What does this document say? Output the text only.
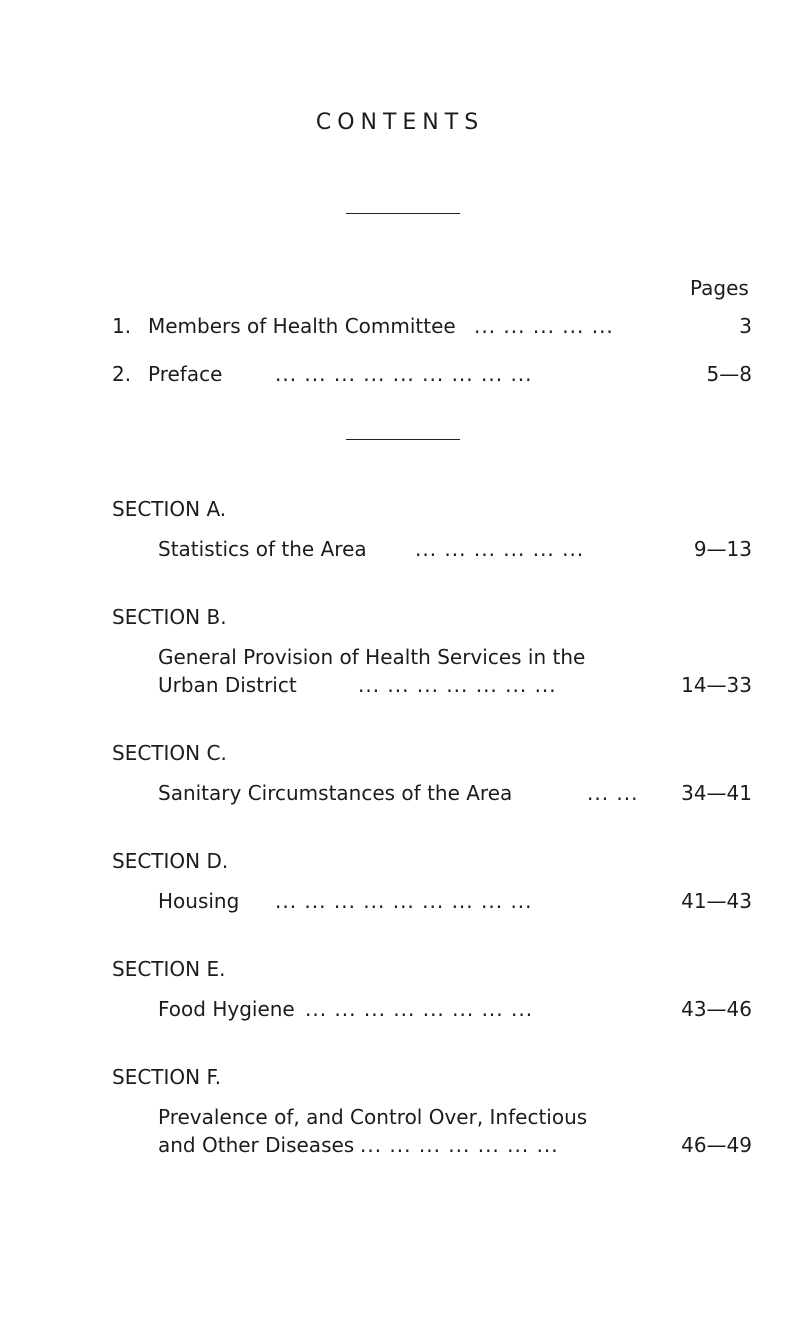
CONTENTS
Pages
1. Members of Health Committee ... ... ... ... ...	3
2. Preface	... ... ... ... ... ... ... ... ...	5—8
SECTION A.
Statistics of the Area ... ... ... ... ... ...	9—13
SECTION B.
General Provision of Health Services in the
Urban District	... ... ... ... ... ... ...	14—33
SECTION C.
Sanitary Circumstances of the Area	... ... 34—41
SECTION D.
Housing ... ... ... ... ... ... ... ... ...	41—43
SECTION E.
Food Hygiene ... ... ... ... ... ... ... ...	43—46
SECTION F.
Prevalence of, and Control Over, Infectious
and Other Diseases ... ... ... ... ... ... ...	46—49
